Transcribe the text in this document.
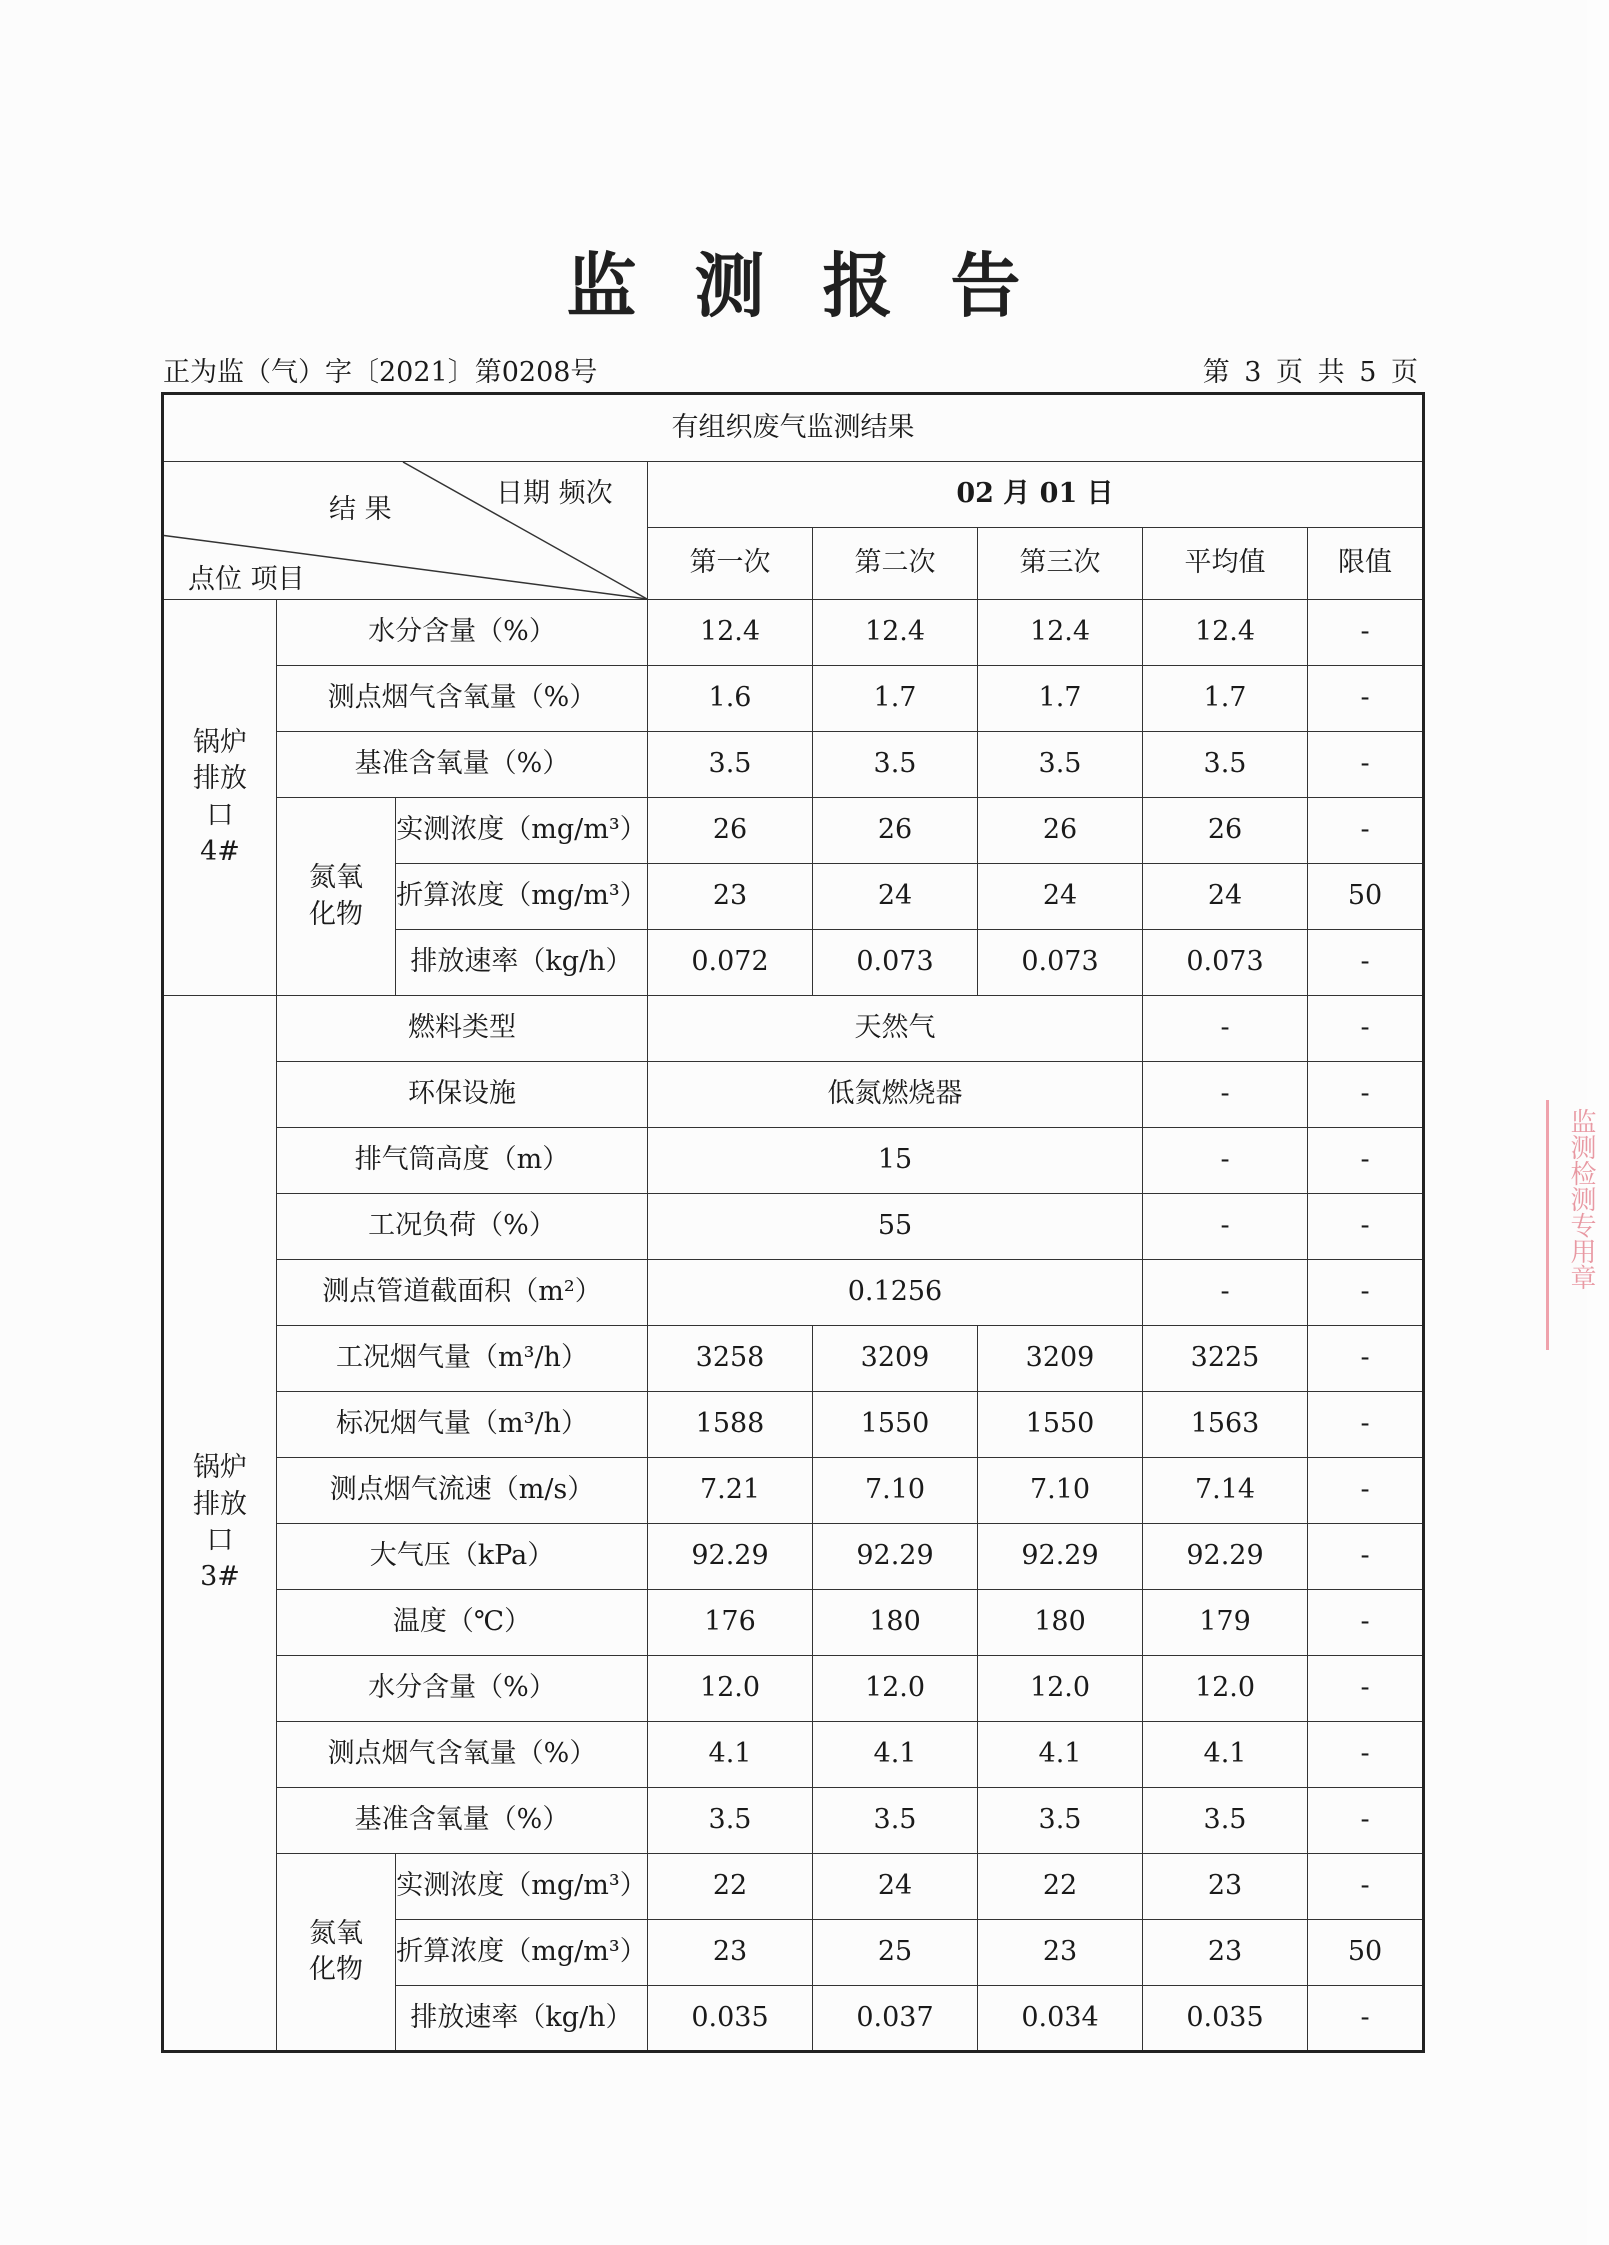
监测报告
正为监（气）字〔2021〕第0208号	第 3 页 共 5 页
有组织废气监测结果							

结 果
日期 频次
点位 项目			02 月 01 日				
			第一次	第二次	第三次	平均值	限值
锅炉排放口4#	水分含量（%）		12.4	12.4	12.4	12.4	-
	测点烟气含氧量（%）		1.6	1.7	1.7	1.7	-
	基准含氧量（%）		3.5	3.5	3.5	3.5	-
	氮氧化物	实测浓度（mg/m³）	26	26	26	26	-
		折算浓度（mg/m³）	23	24	24	24	50
		排放速率（kg/h）	0.072	0.073	0.073	0.073	-
锅炉排放口3#	燃料类型		天然气			-	-
	环保设施		低氮燃烧器			-	-
	排气筒高度（m）		15			-	-
	工况负荷（%）		55			-	-
	测点管道截面积（m²）		0.1256			-	-
	工况烟气量（m³/h）		3258	3209	3209	3225	-
	标况烟气量（m³/h）		1588	1550	1550	1563	-
	测点烟气流速（m/s）		7.21	7.10	7.10	7.14	-
	大气压（kPa）		92.29	92.29	92.29	92.29	-
	温度（℃）		176	180	180	179	-
	水分含量（%）		12.0	12.0	12.0	12.0	-
	测点烟气含氧量（%）		4.1	4.1	4.1	4.1	-
	基准含氧量（%）		3.5	3.5	3.5	3.5	-
	氮氧化物	实测浓度（mg/m³）	22	24	22	23	-
		折算浓度（mg/m³）	23	25	23	23	50
		排放速率（kg/h）	0.035	0.037	0.034	0.035	-
监测检测专用章
